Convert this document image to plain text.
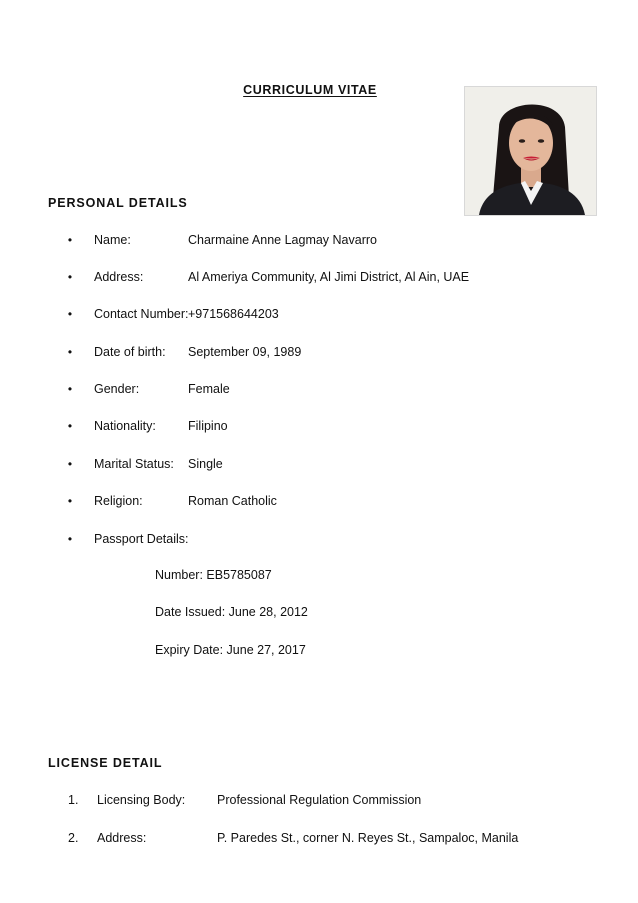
CURRICULUM VITAE
PERSONAL DETAILS
• Name:	Charmaine Anne Lagmay Navarro
• Address:	Al Ameriya Community, Al Jimi District, Al Ain, UAE
• Contact Number: +971568644203
• Date of birth: September 09, 1989
• Gender:	Female
• Nationality:	Filipino
• Marital Status: Single
• Religion:	Roman Catholic
• Passport Details:
Number: EB5785087
Date Issued: June 28, 2012
Expiry Date: June 27, 2017
LICENSE DETAIL
1. Licensing Body:	Professional Regulation Commission
2. Address:	P. Paredes St., corner N. Reyes St., Sampaloc, Manila
